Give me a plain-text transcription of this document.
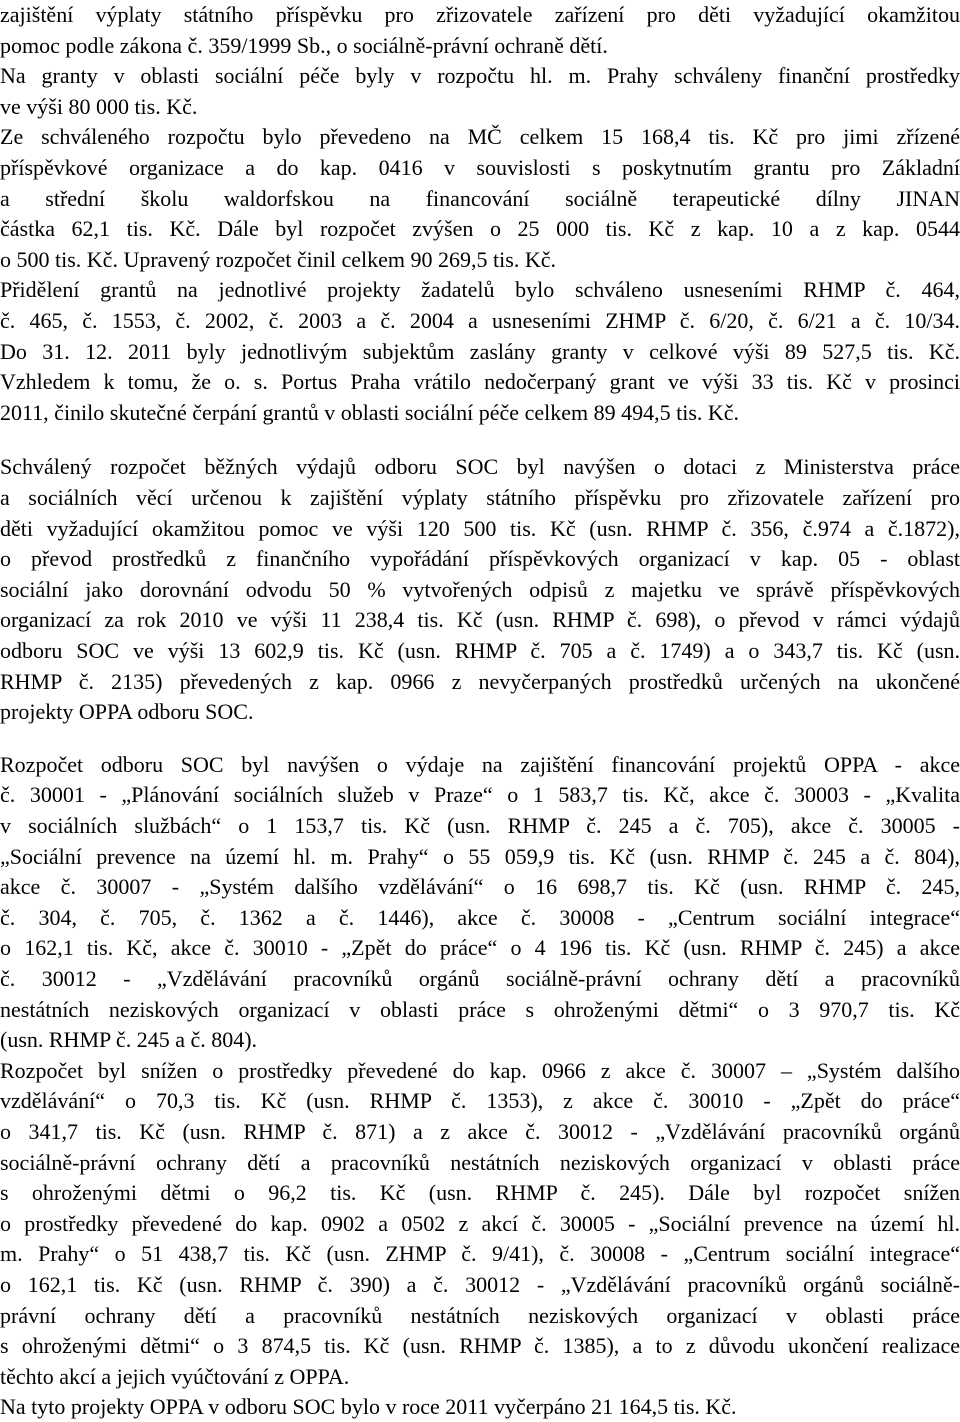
zajištění výplaty státního příspěvku pro zřizovatele zařízení pro děti vyžadující okamžitou
pomoc podle zákona č. 359/1999 Sb., o sociálně-právní ochraně dětí.
Na granty v oblasti sociální péče byly v rozpočtu hl. m. Prahy schváleny finanční prostředky
ve výši 80 000 tis. Kč.
Ze schváleného rozpočtu bylo převedeno na MČ celkem 15 168,4 tis. Kč pro jimi zřízené
příspěvkové organizace a do kap. 0416 v souvislosti s poskytnutím grantu pro Základní
a střední školu waldorfskou na financování sociálně terapeutické dílny JINAN
částka 62,1 tis. Kč. Dále byl rozpočet zvýšen o 25 000 tis. Kč z kap. 10 a z kap. 0544
o 500 tis. Kč. Upravený rozpočet činil celkem 90 269,5 tis. Kč.
Přidělení grantů na jednotlivé projekty žadatelů bylo schváleno usneseními RHMP č. 464,
č. 465, č. 1553, č. 2002, č. 2003 a č. 2004 a usneseními ZHMP č. 6/20, č. 6/21 a č. 10/34.
Do 31. 12. 2011 byly jednotlivým subjektům zaslány granty v celkové výši 89 527,5 tis. Kč.
Vzhledem k tomu, že o. s. Portus Praha vrátilo nedočerpaný grant ve výši 33 tis. Kč v prosinci
2011, činilo skutečné čerpání grantů v oblasti sociální péče celkem 89 494,5 tis. Kč.
Schválený rozpočet běžných výdajů odboru SOC byl navýšen o dotaci z Ministerstva práce
a sociálních věcí určenou k zajištění výplaty státního příspěvku pro zřizovatele zařízení pro
děti vyžadující okamžitou pomoc ve výši 120 500 tis. Kč (usn. RHMP č. 356, č.974 a č.1872),
o převod prostředků z finančního vypořádání příspěvkových organizací v kap. 05 - oblast
sociální jako dorovnání odvodu 50 % vytvořených odpisů z majetku ve správě příspěvkových
organizací za rok 2010 ve výši 11 238,4 tis. Kč (usn. RHMP č. 698), o převod v rámci výdajů
odboru SOC ve výši 13 602,9 tis. Kč (usn. RHMP č. 705 a č. 1749) a o 343,7 tis. Kč (usn.
RHMP č. 2135) převedených z kap. 0966 z nevyčerpaných prostředků určených na ukončené
projekty OPPA odboru SOC.
Rozpočet odboru SOC byl navýšen o výdaje na zajištění financování projektů OPPA - akce
č. 30001 - „Plánování sociálních služeb v Praze“ o 1 583,7 tis. Kč, akce č. 30003 - „Kvalita
v sociálních službách“ o 1 153,7 tis. Kč (usn. RHMP č. 245 a č. 705), akce č. 30005 -
„Sociální prevence na území hl. m. Prahy“ o 55 059,9 tis. Kč (usn. RHMP č. 245 a č. 804),
akce č. 30007 - „Systém dalšího vzdělávání“ o 16 698,7 tis. Kč (usn. RHMP č. 245,
č. 304, č. 705, č. 1362 a č. 1446), akce č. 30008 - „Centrum sociální integrace“
o 162,1 tis. Kč, akce č. 30010 - „Zpět do práce“ o 4 196 tis. Kč (usn. RHMP č. 245) a akce
č. 30012 - „Vzdělávání pracovníků orgánů sociálně-právní ochrany dětí a pracovníků
nestátních neziskových organizací v oblasti práce s ohroženými dětmi“ o 3 970,7 tis. Kč
(usn. RHMP č. 245 a č. 804).
Rozpočet byl snížen o prostředky převedené do kap. 0966 z akce č. 30007 – „Systém dalšího
vzdělávání“ o 70,3 tis. Kč (usn. RHMP č. 1353), z akce č. 30010 - „Zpět do práce“
o 341,7 tis. Kč (usn. RHMP č. 871) a z akce č. 30012 - „Vzdělávání pracovníků orgánů
sociálně-právní ochrany dětí a pracovníků nestátních neziskových organizací v oblasti práce
s ohroženými dětmi o 96,2 tis. Kč (usn. RHMP č. 245). Dále byl rozpočet snížen
o prostředky převedené do kap. 0902 a 0502 z akcí č. 30005 - „Sociální prevence na území hl.
m. Prahy“ o 51 438,7 tis. Kč (usn. ZHMP č. 9/41), č. 30008 - „Centrum sociální integrace“
o 162,1 tis. Kč (usn. RHMP č. 390) a č. 30012 - „Vzdělávání pracovníků orgánů sociálně-
právní ochrany dětí a pracovníků nestátních neziskových organizací v oblasti práce
s ohroženými dětmi“ o 3 874,5 tis. Kč (usn. RHMP č. 1385), a to z důvodu ukončení realizace
těchto akcí a jejich vyúčtování z OPPA.
Na tyto projekty OPPA v odboru SOC bylo v roce 2011 vyčerpáno 21 164,5 tis. Kč.
